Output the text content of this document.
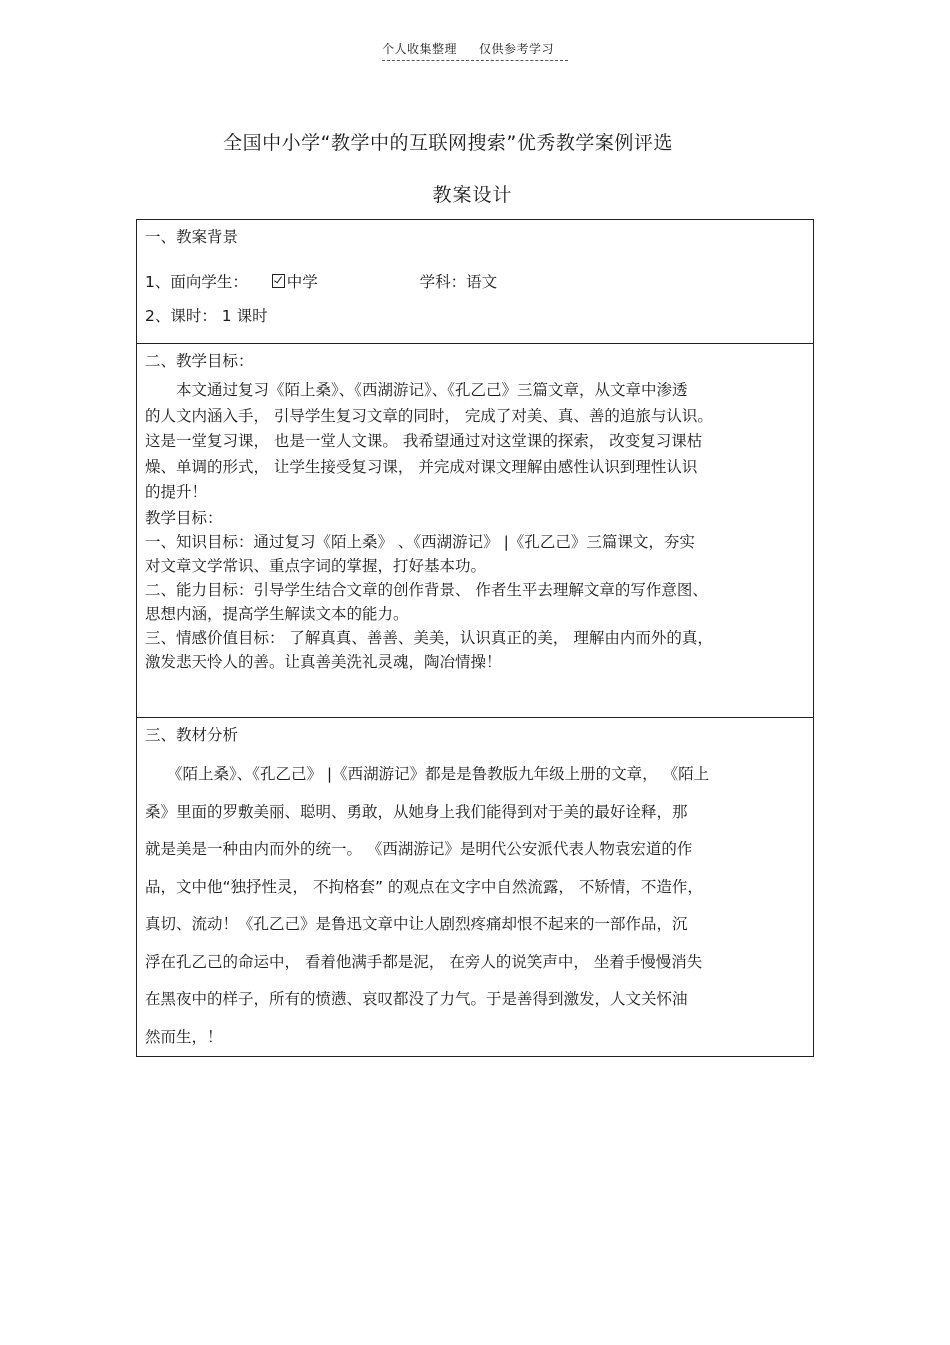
个人收集整理 仅供参考学习
全国中小学“教学中的互联网搜索”优秀教学案例评选
教案设计
一、教案背景
1、面向学生：	中学	学科：语文
2、课时： 1 课时

二、教学目标：
本文通过复习《陌上桑》、《西湖游记》、《孔乙己》三篇文章，从文章中渗透
的人文内涵入手， 引导学生复习文章的同时， 完成了对美、真、善的追旅与认识。
这是一堂复习课， 也是一堂人文课。 我希望通过对这堂课的探索， 改变复习课枯
燥、单调的形式， 让学生接受复习课， 并完成对课文理解由感性认识到理性认识
的提升！
教学目标：
一、知识目标：通过复习《陌上桑》 、《西湖游记》 |《孔乙己》三篇课文，夯实
对文章文学常识、重点字词的掌握，打好基本功。
二、能力目标：引导学生结合文章的创作背景、 作者生平去理解文章的写作意图、
思想内涵，提高学生解读文本的能力。
三、情感价值目标： 了解真真、善善、美美，认识真正的美， 理解由内而外的真，
激发悲天怜人的善。让真善美洗礼灵魂，陶冶情操！

三、教材分析
《陌上桑》、《孔乙己》 |《西湖游记》都是是鲁教版九年级上册的文章， 《陌上
桑》里面的罗敷美丽、聪明、勇敢，从她身上我们能得到对于美的最好诠释，那
就是美是一种由内而外的统一。 《西湖游记》是明代公安派代表人物袁宏道的作
品，文中他“独抒性灵， 不拘格套” 的观点在文字中自然流露， 不矫情，不造作，
真切、流动！《孔乙己》是鲁迅文章中让人剧烈疼痛却恨不起来的一部作品，沉
浮在孔乙己的命运中， 看着他满手都是泥， 在旁人的说笑声中， 坐着手慢慢消失
在黑夜中的样子，所有的愤懑、哀叹都没了力气。于是善得到激发，人文关怀油
然而生，！
